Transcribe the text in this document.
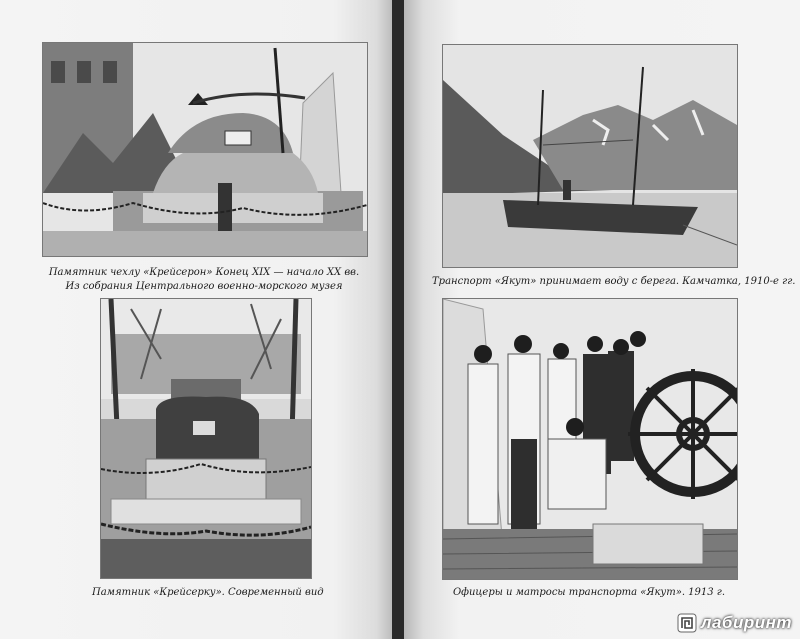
Памятник чехлу «Крейсерон» Конец XIX — начало XX вв.
Из собрания Центрального военно-морского музея
Памятник «Крейсерку». Современный вид
Транспорт «Якут» принимает воду с берега. Камчатка, 1910-е гг.
Офицеры и матросы транспорта «Якут». 1913 г.
лабиринт
